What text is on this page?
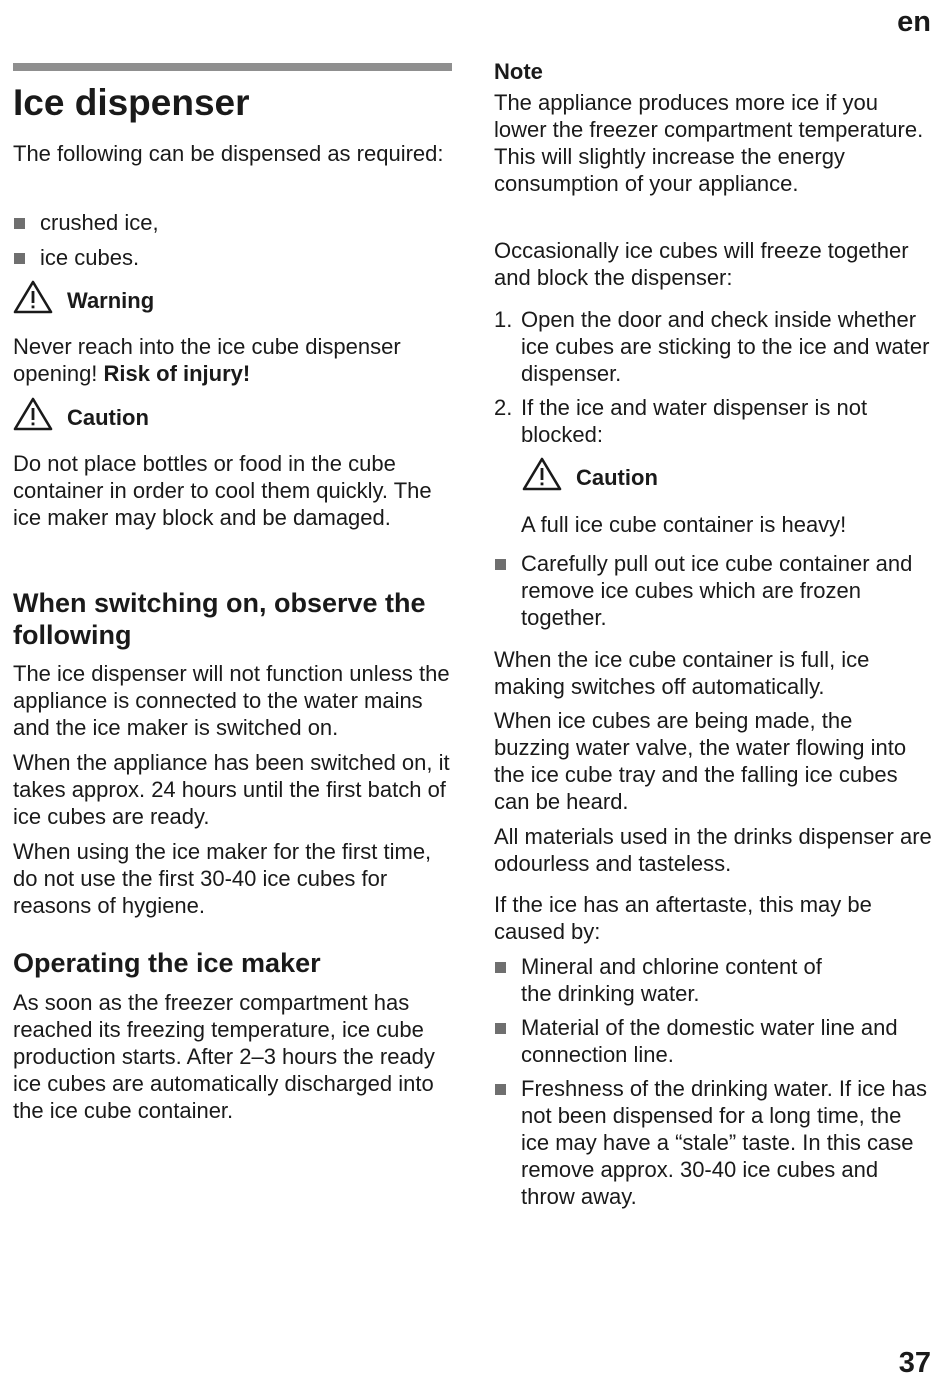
en
Ice dispenser

The following can be dispensed as required:

crushed ice,
ice cubes.
Warning

Never reach into the ice cube dispenser opening! Risk of injury!

Caution

Do not place bottles or food in the cube container in order to cool them quickly. The ice maker may block and be damaged.

When switching on, observe the following

The ice dispenser will not function unless the appliance is connected to the water mains and the ice maker is switched on.

When the appliance has been switched on, it takes approx. 24 hours until the first batch of ice cubes are ready.

When using the ice maker for the first time, do not use the first 30-40 ice cubes for reasons of hygiene.

Operating the ice maker

As soon as the freezer compartment has reached its freezing temperature, ice cube production starts. After 2–3 hours the ready ice cubes are automatically discharged into the ice cube container.

Note

The appliance produces more ice if you lower the freezer compartment temperature. This will slightly increase the energy consumption of your appliance.

Occasionally ice cubes will freeze together and block the dispenser:

1. Open the door and check inside whether ice cubes are sticking to the ice and water dispenser.
2. If the ice and water dispenser is not blocked:
Caution

A full ice cube container is heavy!

Carefully pull out ice cube container and remove ice cubes which are frozen together.

When the ice cube container is full, ice making switches off automatically.

When ice cubes are being made, the buzzing water valve, the water flowing into the ice cube tray and the falling ice cubes can be heard.

All materials used in the drinks dispenser are odourless and tasteless.

If the ice has an aftertaste, this may be caused by:

Mineral and chlorine content of the drinking water.
Material of the domestic water line and connection line.
Freshness of the drinking water. If ice has not been dispensed for a long time, the ice may have a “stale” taste. In this case remove approx. 30-40 ice cubes and throw away.
37
